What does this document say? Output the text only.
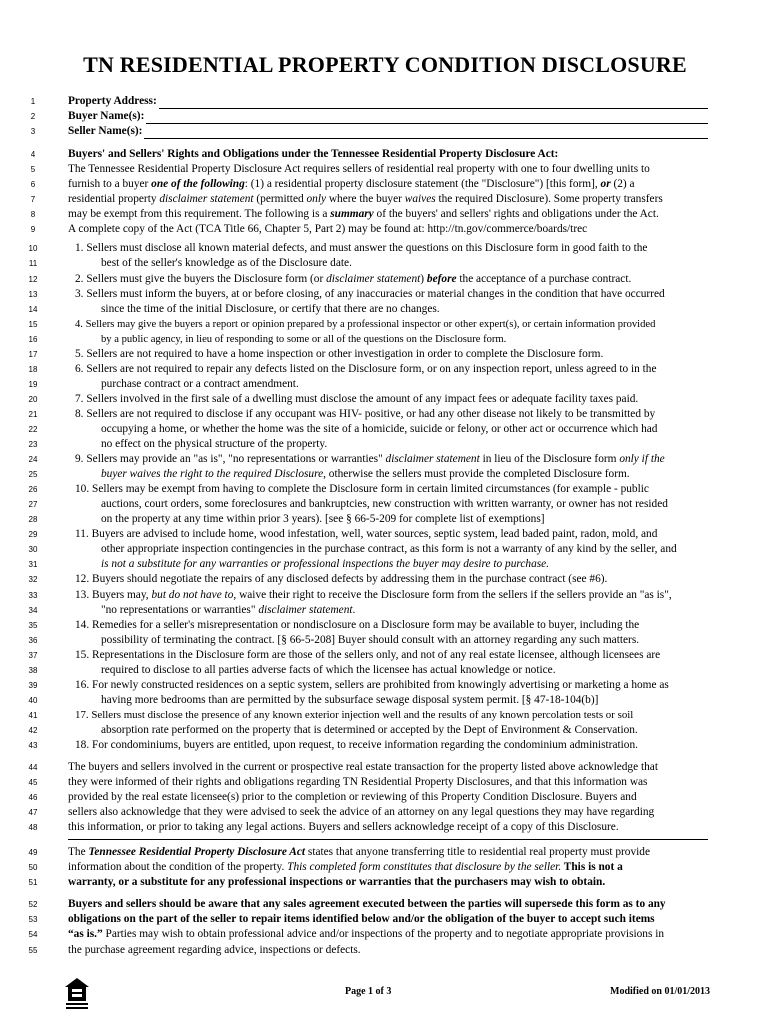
TN RESIDENTIAL PROPERTY CONDITION DISCLOSURE
1	Property Address:
2	Buyer Name(s):
3	Seller Name(s):
4	Buyers' and Sellers' Rights and Obligations under the Tennessee Residential Property Disclosure Act:
5	The Tennessee Residential Property Disclosure Act requires sellers of residential real property with one to four dwelling units to
6	furnish to a buyer one of the following: (1) a residential property disclosure statement (the "Disclosure") [this form], or (2) a
7	residential property disclaimer statement (permitted only where the buyer waives the required Disclosure). Some property transfers
8	may be exempt from this requirement. The following is a summary of the buyers' and sellers' rights and obligations under the Act.
9	A complete copy of the Act (TCA Title 66, Chapter 5, Part 2) may be found at: http://tn.gov/commerce/boards/trec
10	1. Sellers must disclose all known material defects, and must answer the questions on this Disclosure form in good faith to the
11	best of the seller's knowledge as of the Disclosure date.
12	2. Sellers must give the buyers the Disclosure form (or disclaimer statement) before the acceptance of a purchase contract.
13	3. Sellers must inform the buyers, at or before closing, of any inaccuracies or material changes in the condition that have occurred
14	since the time of the initial Disclosure, or certify that there are no changes.
15	4. Sellers may give the buyers a report or opinion prepared by a professional inspector or other expert(s), or certain information provided
16	by a public agency, in lieu of responding to some or all of the questions on the Disclosure form.
17	5. Sellers are not required to have a home inspection or other investigation in order to complete the Disclosure form.
18	6. Sellers are not required to repair any defects listed on the Disclosure form, or on any inspection report, unless agreed to in the
19	purchase contract or a contract amendment.
20	7. Sellers involved in the first sale of a dwelling must disclose the amount of any impact fees or adequate facility taxes paid.
21	8. Sellers are not required to disclose if any occupant was HIV- positive, or had any other disease not likely to be transmitted by
22	occupying a home, or whether the home was the site of a homicide, suicide or felony, or other act or occurrence which had
23	no effect on the physical structure of the property.
24	9. Sellers may provide an "as is", "no representations or warranties" disclaimer statement in lieu of the Disclosure form only if the
25	buyer waives the right to the required Disclosure, otherwise the sellers must provide the completed Disclosure form.
26	10. Sellers may be exempt from having to complete the Disclosure form in certain limited circumstances (for example - public
27	auctions, court orders, some foreclosures and bankruptcies, new construction with written warranty, or owner has not resided
28	on the property at any time within prior 3 years). [see § 66-5-209 for complete list of exemptions]
29	11. Buyers are advised to include home, wood infestation, well, water sources, septic system, lead baded paint, radon, mold, and
30	other appropriate inspection contingencies in the purchase contract, as this form is not a warranty of any kind by the seller, and
31	is not a substitute for any warranties or professional inspections the buyer may desire to purchase.
32	12. Buyers should negotiate the repairs of any disclosed defects by addressing them in the purchase contract (see #6).
33	13. Buyers may, but do not have to, waive their right to receive the Disclosure form from the sellers if the sellers provide an "as is",
34	"no representations or warranties" disclaimer statement.
35	14. Remedies for a seller's misrepresentation or nondisclosure on a Disclosure form may be available to buyer, including the
36	possibility of terminating the contract. [§ 66-5-208] Buyer should consult with an attorney regarding any such matters.
37	15. Representations in the Disclosure form are those of the sellers only, and not of any real estate licensee, although licensees are
38	required to disclose to all parties adverse facts of which the licensee has actual knowledge or notice.
39	16. For newly constructed residences on a septic system, sellers are prohibited from knowingly advertising or marketing a home as
40	having more bedrooms than are permitted by the subsurface sewage disposal system permit. [§ 47-18-104(b)]
41	17. Sellers must disclose the presence of any known exterior injection well and the results of any known percolation tests or soil
42	absorption rate performed on the property that is determined or accepted by the Dept of Environment & Conservation.
43	18. For condominiums, buyers are entitled, upon request, to receive information regarding the condominium administration.
44	The buyers and sellers involved in the current or prospective real estate transaction for the property listed above acknowledge that
45	they were informed of their rights and obligations regarding TN Residential Property Disclosures, and that this information was
46	provided by the real estate licensee(s) prior to the completion or reviewing of this Property Condition Disclosure. Buyers and
47	sellers also acknowledge that they were advised to seek the advice of an attorney on any legal questions they may have regarding
48	this information, or prior to taking any legal actions. Buyers and sellers acknowledge receipt of a copy of this Disclosure.
49	The Tennessee Residential Property Disclosure Act states that anyone transferring title to residential real property must provide
50	information about the condition of the property. This completed form constitutes that disclosure by the seller. This is not a
51	warranty, or a substitute for any professional inspections or warranties that the purchasers may wish to obtain.
52	Buyers and sellers should be aware that any sales agreement executed between the parties will supersede this form as to any
53	obligations on the part of the seller to repair items identified below and/or the obligation of the buyer to accept such items
54	“as is.” Parties may wish to obtain professional advice and/or inspections of the property and to negotiate appropriate provisions in
55	the purchase agreement regarding advice, inspections or defects.
Page 1 of 3	Modified on 01/01/2013
